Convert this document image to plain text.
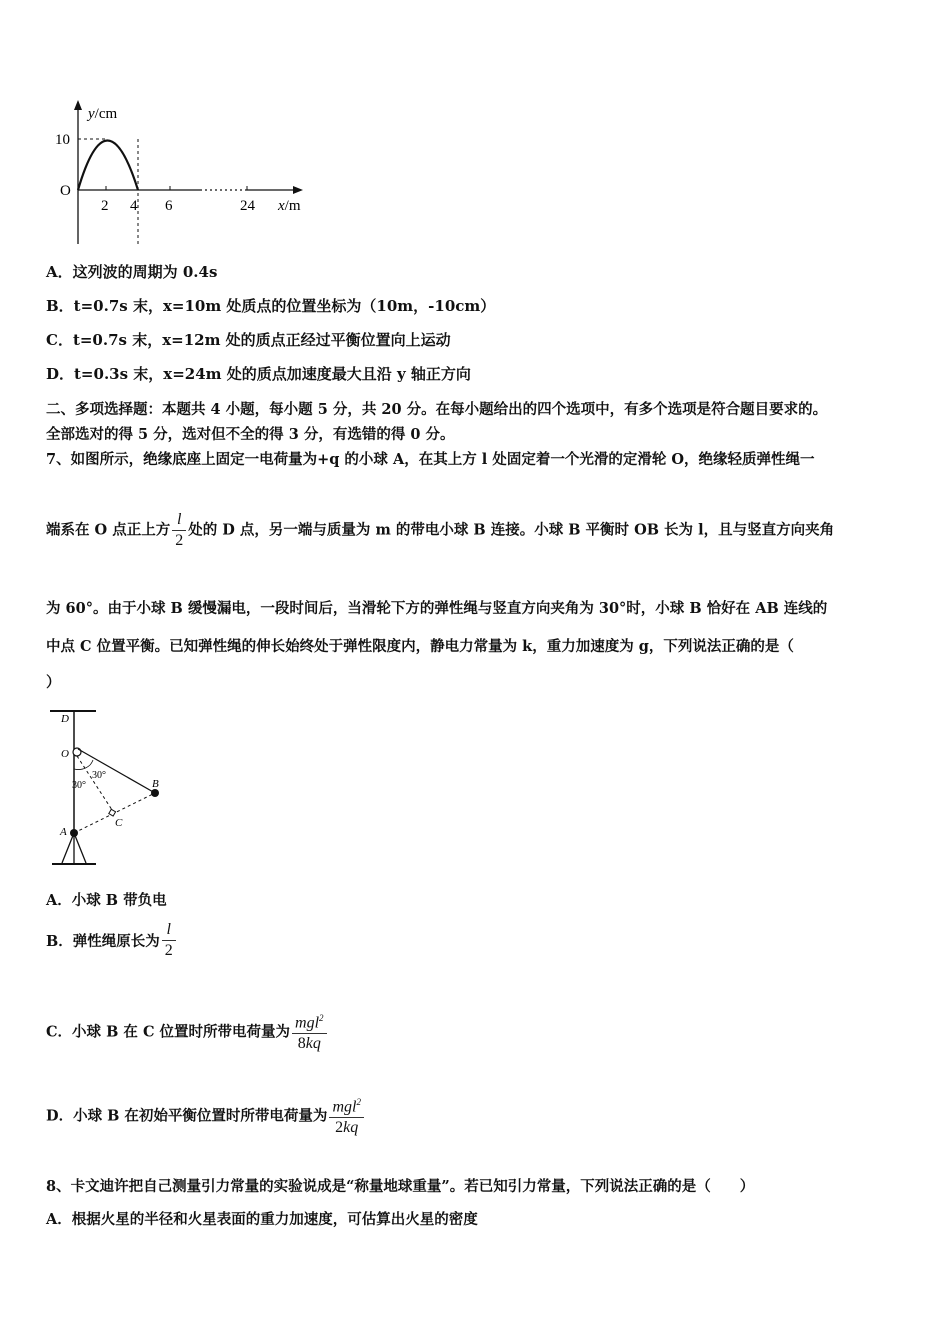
y/cm
10
O
2 4 6	24 x/m
A．这列波的周期为 0.4s
B．t=0.7s 末，x=10m 处质点的位置坐标为（10m，-10cm）
C．t=0.7s 末，x=12m 处的质点正经过平衡位置向上运动
D．t=0.3s 末，x=24m 处的质点加速度最大且沿 y 轴正方向
二、多项选择题：本题共 4 小题，每小题 5 分，共 20 分。在每小题给出的四个选项中，有多个选项是符合题目要求的。
全部选对的得 5 分，选对但不全的得 3 分，有选错的得 0 分。
7、如图所示，绝缘底座上固定一电荷量为+q 的小球 A，在其上方 l 处固定着一个光滑的定滑轮 O，绝缘轻质弹性绳一
端系在 O 点正上方 $\frac{l}{2}$ 处的 D 点，另一端与质量为 m 的带电小球 B 连接。小球 B 平衡时 OB 长为 l，且与竖直方向夹角
为 60°。由于小球 B 缓慢漏电，一段时间后，当滑轮下方的弹性绳与竖直方向夹角为 30°时，小球 B 恰好在 AB 连线的
中点 C 位置平衡。已知弹性绳的伸长始终处于弹性限度内，静电力常量为 k，重力加速度为 g，下列说法正确的是（
）
D
O
B
C
A
30°
30°
A．小球 B 带负电
B．弹性绳原长为 $\frac{l}{2}$
C．小球 B 在 C 位置时所带电荷量为 $\frac{mgl^2}{8kq}$
D．小球 B 在初始平衡位置时所带电荷量为 $\frac{mgl^2}{2kq}$
8、卡文迪许把自己测量引力常量的实验说成是“称量地球重量”。若已知引力常量，下列说法正确的是（　　）
A．根据火星的半径和火星表面的重力加速度，可估算出火星的密度
